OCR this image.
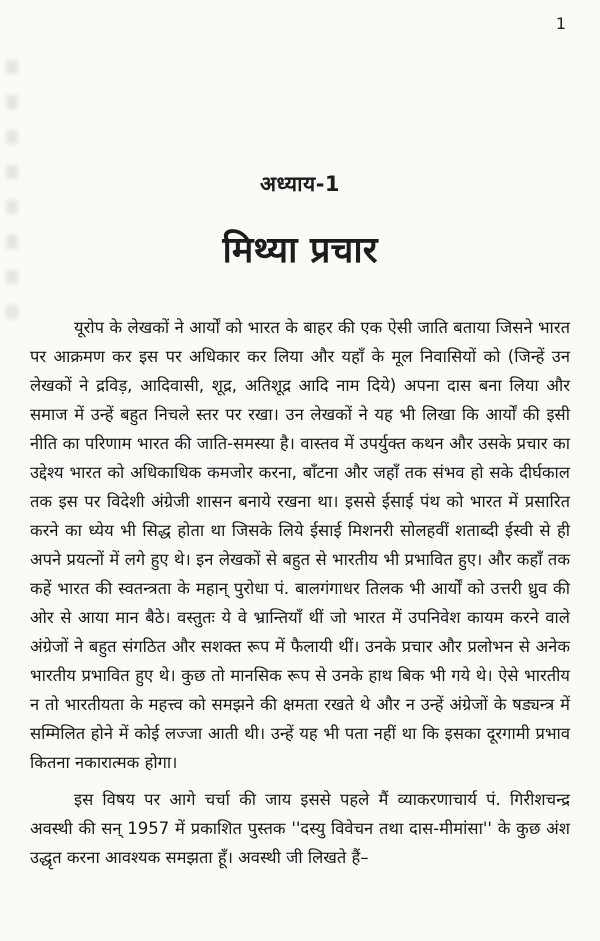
1
अध्याय-1
मिथ्या प्रचार

यूरोप के लेखकों ने आर्यों को भारत के बाहर की एक ऐसी जाति बताया जिसने भारत पर आक्रमण कर इस पर अधिकार कर लिया और यहाँ के मूल निवासियों को (जिन्हें उन लेखकों ने द्रविड़, आदिवासी, शूद्र, अतिशूद्र आदि नाम दिये) अपना दास बना लिया और समाज में उन्हें बहुत निचले स्तर पर रखा। उन लेखकों ने यह भी लिखा कि आर्यों की इसी नीति का परिणाम भारत की जाति-समस्या है। वास्तव में उपर्युक्त कथन और उसके प्रचार का उद्देश्य भारत को अधिकाधिक कमजोर करना, बाँटना और जहाँ तक संभव हो सके दीर्घकाल तक इस पर विदेशी अंग्रेजी शासन बनाये रखना था। इससे ईसाई पंथ को भारत में प्रसारित करने का ध्येय भी सिद्ध होता था जिसके लिये ईसाई मिशनरी सोलहवीं शताब्दी ईस्वी से ही अपने प्रयत्नों में लगे हुए थे। इन लेखकों से बहुत से भारतीय भी प्रभावित हुए। और कहाँ तक कहें भारत की स्वतन्त्रता के महान् पुरोधा पं. बालगंगाधर तिलक भी आर्यों को उत्तरी ध्रुव की ओर से आया मान बैठे। वस्तुतः ये वे भ्रान्तियाँ थीं जो भारत में उपनिवेश कायम करने वाले अंग्रेजों ने बहुत संगठित और सशक्त रूप में फैलायी थीं। उनके प्रचार और प्रलोभन से अनेक भारतीय प्रभावित हुए थे। कुछ तो मानसिक रूप से उनके हाथ बिक भी गये थे। ऐसे भारतीय न तो भारतीयता के महत्त्व को समझने की क्षमता रखते थे और न उन्हें अंग्रेजों के षड्यन्त्र में सम्मिलित होने में कोई लज्जा आती थी। उन्हें यह भी पता नहीं था कि इसका दूरगामी प्रभाव कितना नकारात्मक होगा।

इस विषय पर आगे चर्चा की जाय इससे पहले मैं व्याकरणाचार्य पं. गिरीशचन्द्र अवस्थी की सन् 1957 में प्रकाशित पुस्तक ''दस्यु विवेचन तथा दास-मीमांसा'' के कुछ अंश उद्धृत करना आवश्यक समझता हूँ। अवस्थी जी लिखते हैं–
